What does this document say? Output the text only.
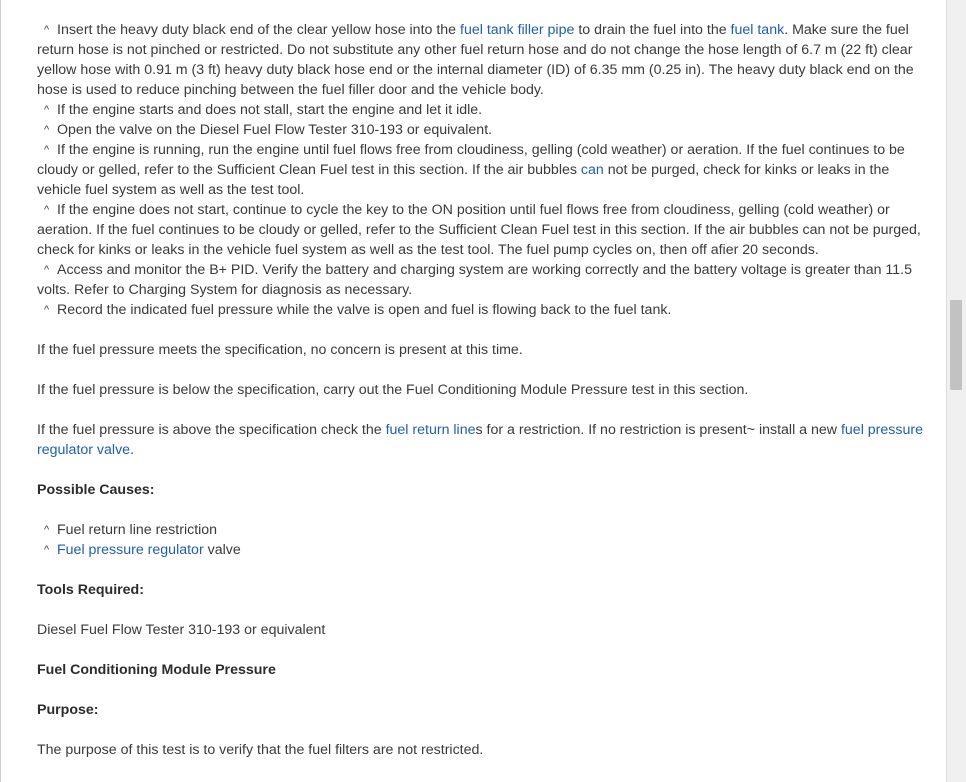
^ Insert the heavy duty black end of the clear yellow hose into the fuel tank filler pipe to drain the fuel into the fuel tank. Make sure the fuel return hose is not pinched or restricted. Do not substitute any other fuel return hose and do not change the hose length of 6.7 m (22 ft) clear yellow hose with 0.91 m (3 ft) heavy duty black hose end or the internal diameter (ID) of 6.35 mm (0.25 in). The heavy duty black end on the hose is used to reduce pinching between the fuel filler door and the vehicle body.

^ If the engine starts and does not stall, start the engine and let it idle.

^ Open the valve on the Diesel Fuel Flow Tester 310-193 or equivalent.

^ If the engine is running, run the engine until fuel flows free from cloudiness, gelling (cold weather) or aeration. If the fuel continues to be cloudy or gelled, refer to the Sufficient Clean Fuel test in this section. If the air bubbles can not be purged, check for kinks or leaks in the vehicle fuel system as well as the test tool.

^ If the engine does not start, continue to cycle the key to the ON position until fuel flows free from cloudiness, gelling (cold weather) or aeration. If the fuel continues to be cloudy or gelled, refer to the Sufficient Clean Fuel test in this section. If the air bubbles can not be purged, check for kinks or leaks in the vehicle fuel system as well as the test tool. The fuel pump cycles on, then off afier 20 seconds.

^ Access and monitor the B+ PID. Verify the battery and charging system are working correctly and the battery voltage is greater than 11.5 volts. Refer to Charging System for diagnosis as necessary.

^ Record the indicated fuel pressure while the valve is open and fuel is flowing back to the fuel tank.

If the fuel pressure meets the specification, no concern is present at this time.

If the fuel pressure is below the specification, carry out the Fuel Conditioning Module Pressure test in this section.

If the fuel pressure is above the specification check the fuel return lines for a restriction. If no restriction is present~ install a new fuel pressure regulator valve.

Possible Causes:

^ Fuel return line restriction

^ Fuel pressure regulator valve

Tools Required:

Diesel Fuel Flow Tester 310-193 or equivalent

Fuel Conditioning Module Pressure

Purpose:

The purpose of this test is to verify that the fuel filters are not restricted.
